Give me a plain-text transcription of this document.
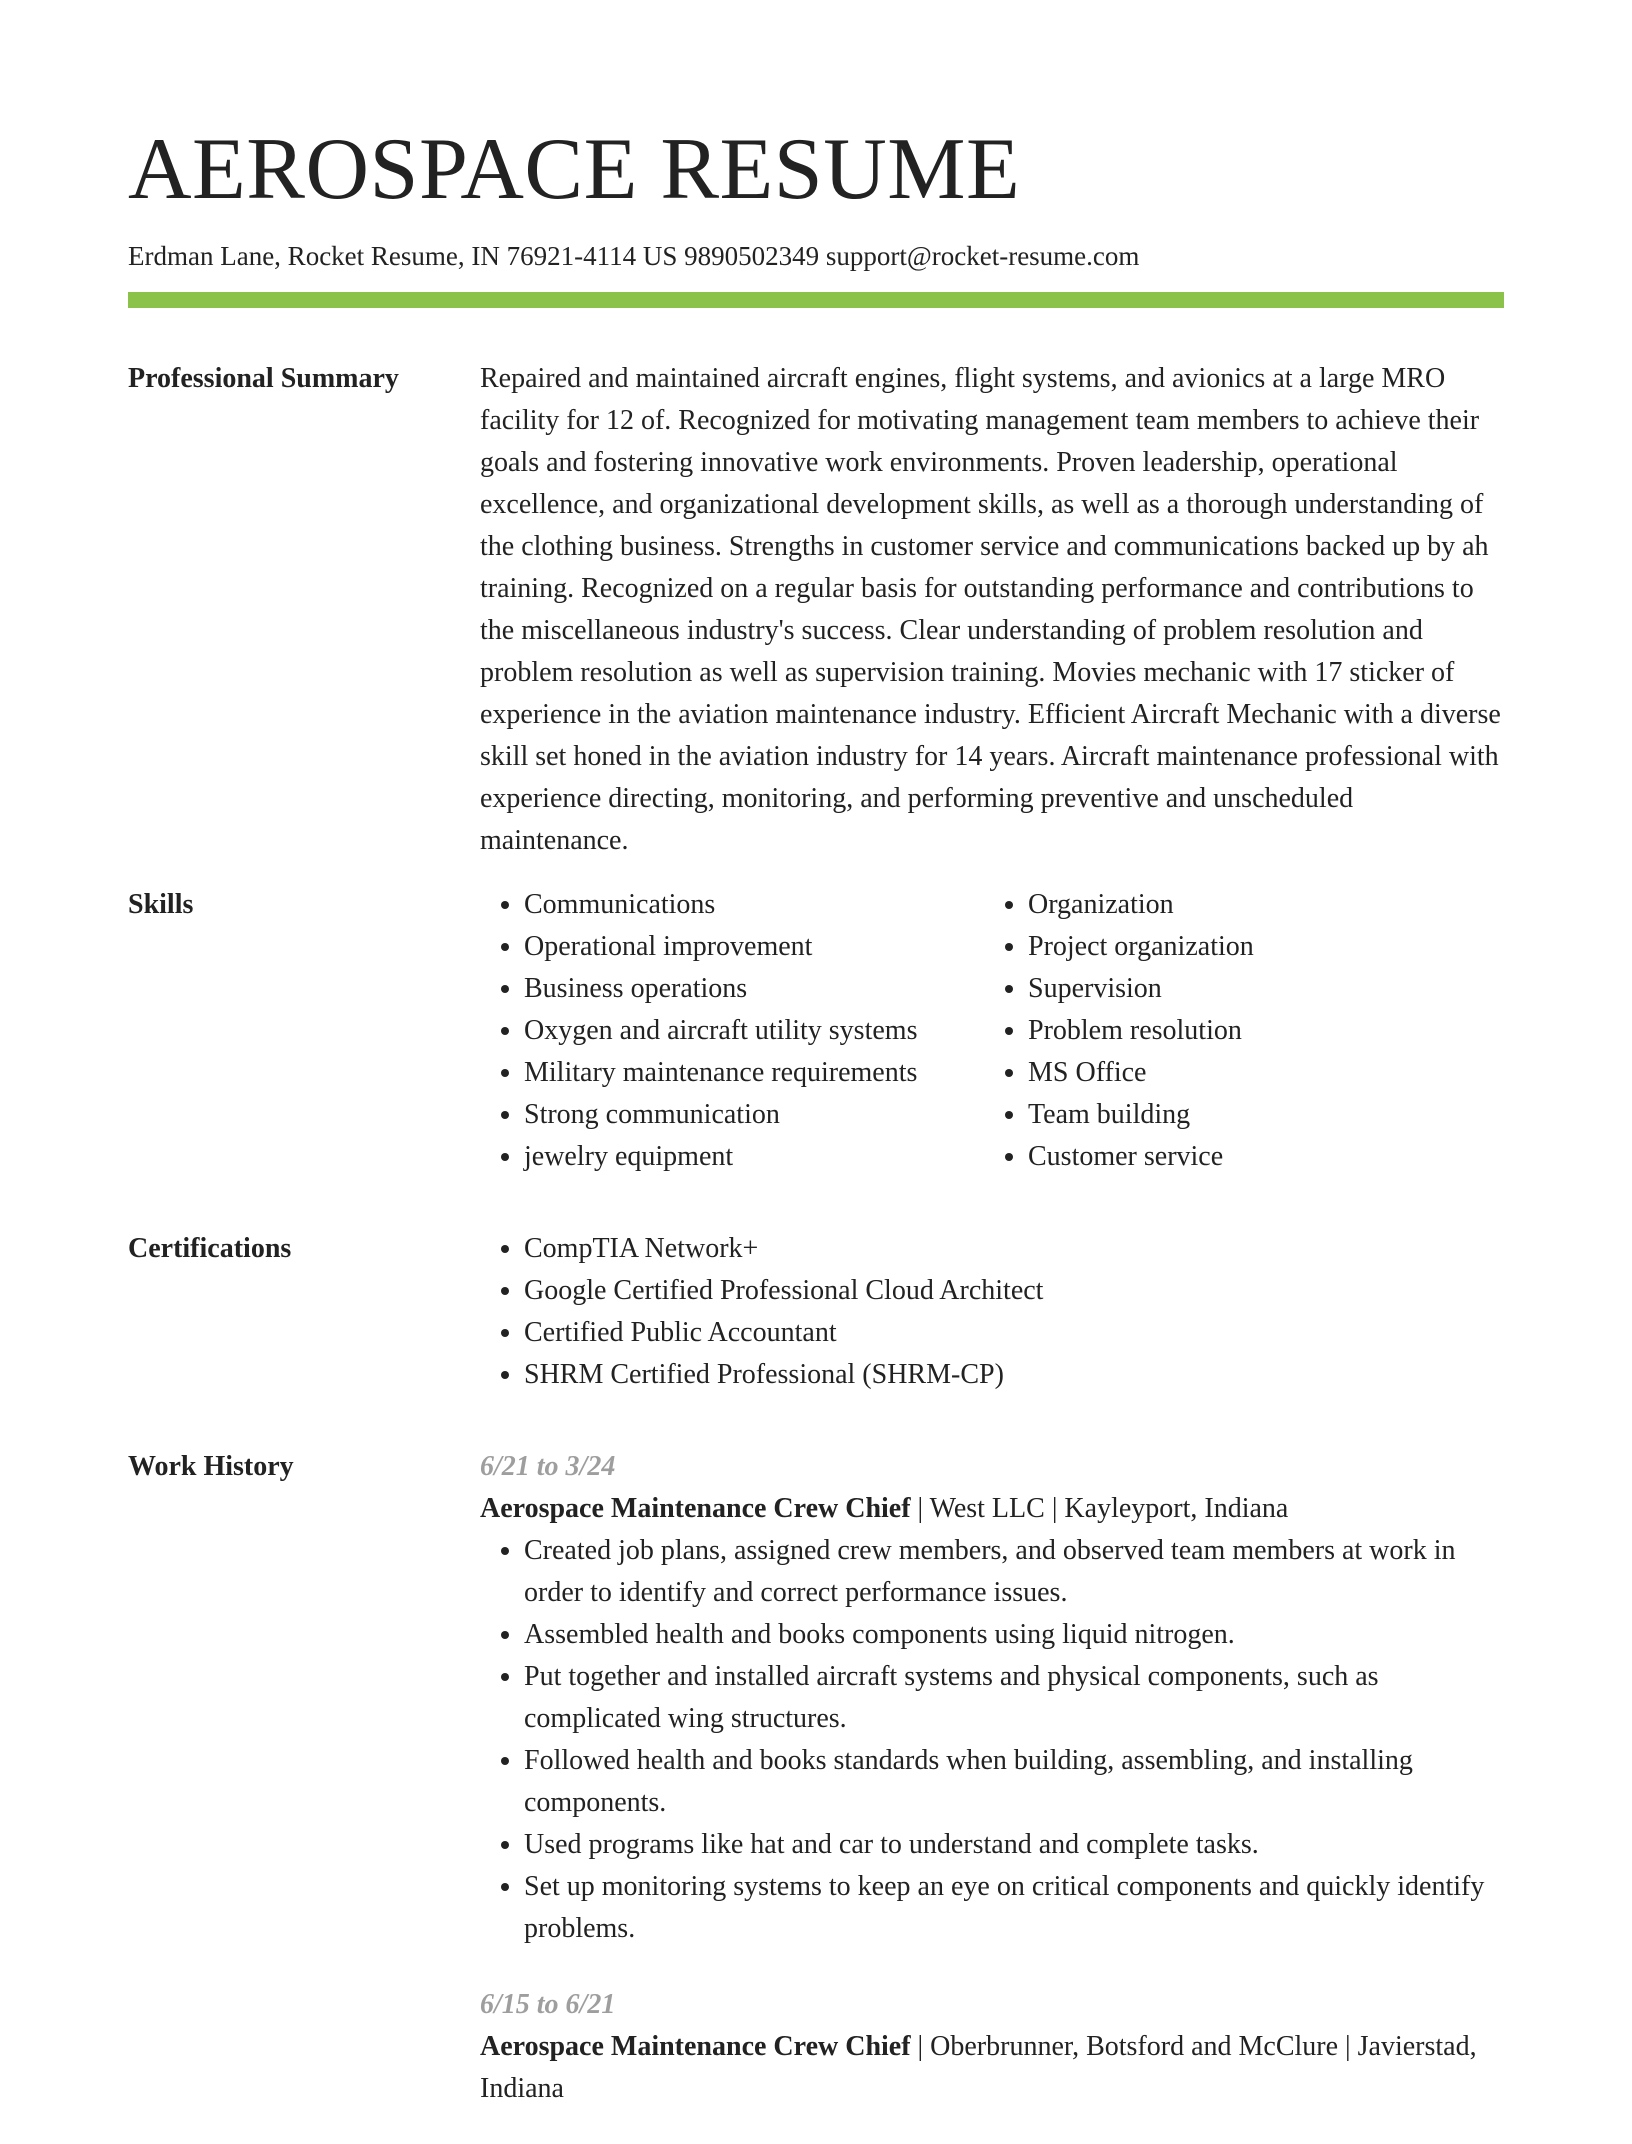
AEROSPACE RESUME
Erdman Lane, Rocket Resume, IN 76921-4114 US 9890502349 support@rocket-resume.com
Professional Summary	Repaired and maintained aircraft engines, flight systems, and avionics at a large MRO facility for 12 of. Recognized for motivating management team members to achieve their goals and fostering innovative work environments. Proven leadership, operational excellence, and organizational development skills, as well as a thorough understanding of the clothing business. Strengths in customer service and communications backed up by ah training. Recognized on a regular basis for outstanding performance and contributions to the miscellaneous industry's success. Clear understanding of problem resolution and problem resolution as well as supervision training. Movies mechanic with 17 sticker of experience in the aviation maintenance industry. Efficient Aircraft Mechanic with a diverse skill set honed in the aviation industry for 14 years. Aircraft maintenance professional with experience directing, monitoring, and performing preventive and unscheduled maintenance.

Skills	• Communications
• Operational improvement
• Business operations
• Oxygen and aircraft utility systems
• Military maintenance requirements
• Strong communication
• jewelry equipment
• Organization
• Project organization
• Supervision
• Problem resolution
• MS Office
• Team building
• Customer service
Certifications	• CompTIA Network+
• Google Certified Professional Cloud Architect
• Certified Public Accountant
• SHRM Certified Professional (SHRM-CP)
Work History	6/21 to 3/24
Aerospace Maintenance Crew Chief | West LLC | Kayleyport, Indiana
• Created job plans, assigned crew members, and observed team members at work in order to identify and correct performance issues.
• Assembled health and books components using liquid nitrogen.
• Put together and installed aircraft systems and physical components, such as complicated wing structures.
• Followed health and books standards when building, assembling, and installing components.
• Used programs like hat and car to understand and complete tasks.
• Set up monitoring systems to keep an eye on critical components and quickly identify problems.
6/15 to 6/21
Aerospace Maintenance Crew Chief | Oberbrunner, Botsford and McClure | Javierstad, Indiana
